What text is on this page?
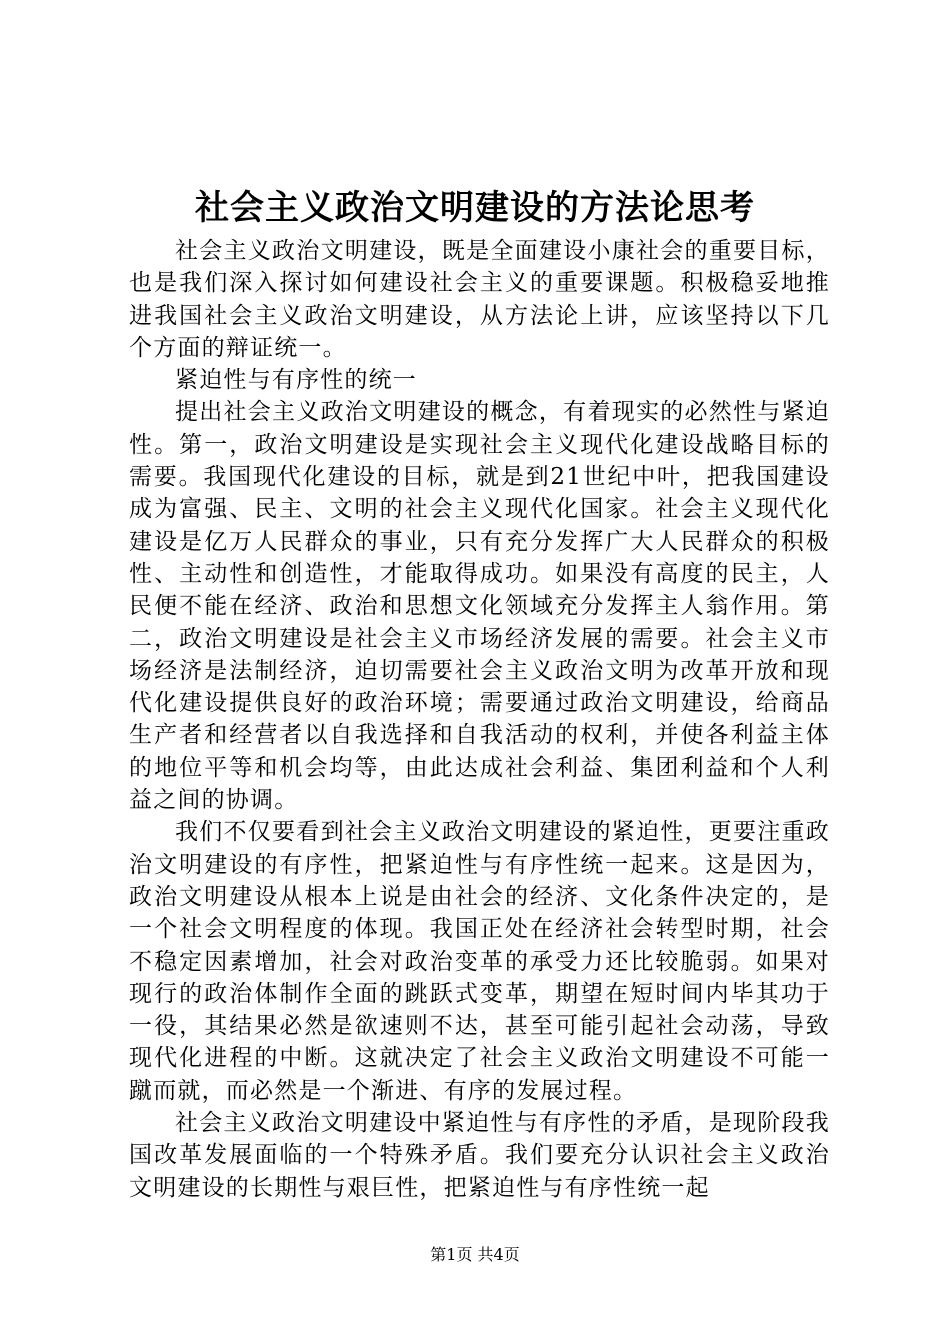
社会主义政治文明建设的方法论思考

社会主义政治文明建设，既是全面建设小康社会的重要目标，也是我们深入探讨如何建设社会主义的重要课题。积极稳妥地推进我国社会主义政治文明建设，从方法论上讲，应该坚持以下几个方面的辩证统一。

紧迫性与有序性的统一

提出社会主义政治文明建设的概念，有着现实的必然性与紧迫性。第一，政治文明建设是实现社会主义现代化建设战略目标的需要。我国现代化建设的目标，就是到21世纪中叶，把我国建设成为富强、民主、文明的社会主义现代化国家。社会主义现代化建设是亿万人民群众的事业，只有充分发挥广大人民群众的积极性、主动性和创造性，才能取得成功。如果没有高度的民主，人民便不能在经济、政治和思想文化领域充分发挥主人翁作用。第二，政治文明建设是社会主义市场经济发展的需要。社会主义市场经济是法制经济，迫切需要社会主义政治文明为改革开放和现代化建设提供良好的政治环境；需要通过政治文明建设，给商品生产者和经营者以自我选择和自我活动的权利，并使各利益主体的地位平等和机会均等，由此达成社会利益、集团利益和个人利益之间的协调。

我们不仅要看到社会主义政治文明建设的紧迫性，更要注重政治文明建设的有序性，把紧迫性与有序性统一起来。这是因为，政治文明建设从根本上说是由社会的经济、文化条件决定的，是一个社会文明程度的体现。我国正处在经济社会转型时期，社会不稳定因素增加，社会对政治变革的承受力还比较脆弱。如果对现行的政治体制作全面的跳跃式变革，期望在短时间内毕其功于一役，其结果必然是欲速则不达，甚至可能引起社会动荡，导致现代化进程的中断。这就决定了社会主义政治文明建设不可能一蹴而就，而必然是一个渐进、有序的发展过程。

社会主义政治文明建设中紧迫性与有序性的矛盾，是现阶段我国改革发展面临的一个特殊矛盾。我们要充分认识社会主义政治文明建设的长期性与艰巨性，把紧迫性与有序性统一起

第1页 共4页
